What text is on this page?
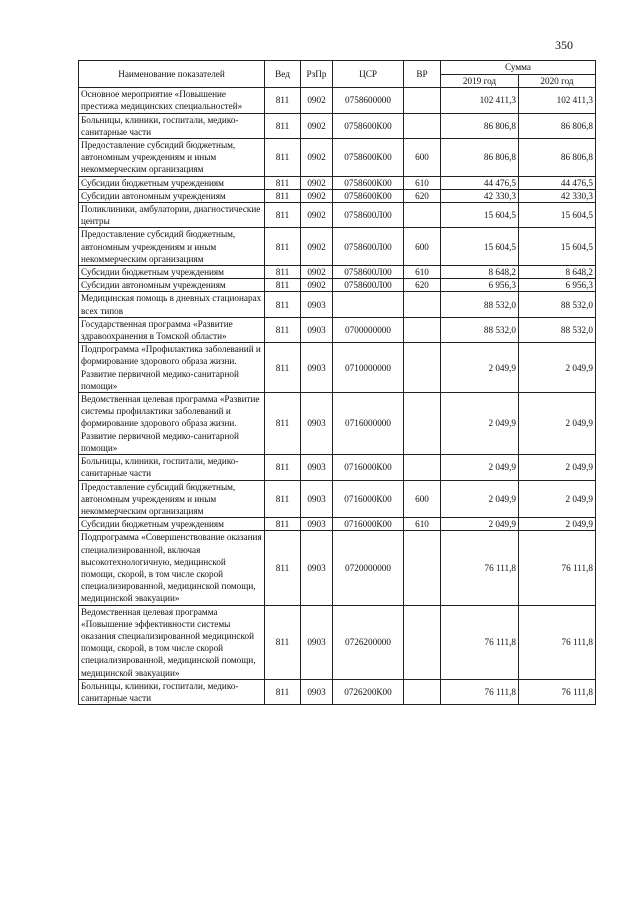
350
Наименование показателей	Вед	РзПр	ЦСР	ВР	Сумма	
					2019 год	2020 год
Основное мероприятие «Повышение престижа медицинских специальностей»	811	0902	0758600000		102 411,3	102 411,3
Больницы, клиники, госпитали, медико-санитарные части	811	0902	0758600К00		86 806,8	86 806,8
Предоставление субсидий бюджетным, автономным учреждениям и иным некоммерческим организациям	811	0902	0758600К00	600	86 806,8	86 806,8
Субсидии бюджетным учреждениям	811	0902	0758600К00	610	44 476,5	44 476,5
Субсидии автономным учреждениям	811	0902	0758600К00	620	42 330,3	42 330,3
Поликлиники, амбулатории, диагностические центры	811	0902	0758600Л00		15 604,5	15 604,5
Предоставление субсидий бюджетным, автономным учреждениям и иным некоммерческим организациям	811	0902	0758600Л00	600	15 604,5	15 604,5
Субсидии бюджетным учреждениям	811	0902	0758600Л00	610	8 648,2	8 648,2
Субсидии автономным учреждениям	811	0902	0758600Л00	620	6 956,3	6 956,3
Медицинская помощь в дневных стационарах всех типов	811	0903			88 532,0	88 532,0
Государственная программа «Развитие здравоохранения в Томской области»	811	0903	0700000000		88 532,0	88 532,0
Подпрограмма «Профилактика заболеваний и формирование здорового образа жизни. Развитие первичной медико-санитарной помощи»	811	0903	0710000000		2 049,9	2 049,9
Ведомственная целевая программа «Развитие системы профилактики заболеваний и формирование здорового образа жизни. Развитие первичной медико-санитарной помощи»	811	0903	0716000000		2 049,9	2 049,9
Больницы, клиники, госпитали, медико-санитарные части	811	0903	0716000К00		2 049,9	2 049,9
Предоставление субсидий бюджетным, автономным учреждениям и иным некоммерческим организациям	811	0903	0716000К00	600	2 049,9	2 049,9
Субсидии бюджетным учреждениям	811	0903	0716000К00	610	2 049,9	2 049,9
Подпрограмма «Совершенствование оказания специализированной, включая высокотехнологичную, медицинской помощи, скорой, в том числе скорой специализированной, медицинской помощи, медицинской эвакуации»	811	0903	0720000000		76 111,8	76 111,8
Ведомственная целевая программа «Повышение эффективности системы оказания специализированной медицинской помощи, скорой, в том числе скорой специализированной, медицинской помощи, медицинской эвакуации»	811	0903	0726200000		76 111,8	76 111,8
Больницы, клиники, госпитали, медико-санитарные части	811	0903	0726200К00		76 111,8	76 111,8
